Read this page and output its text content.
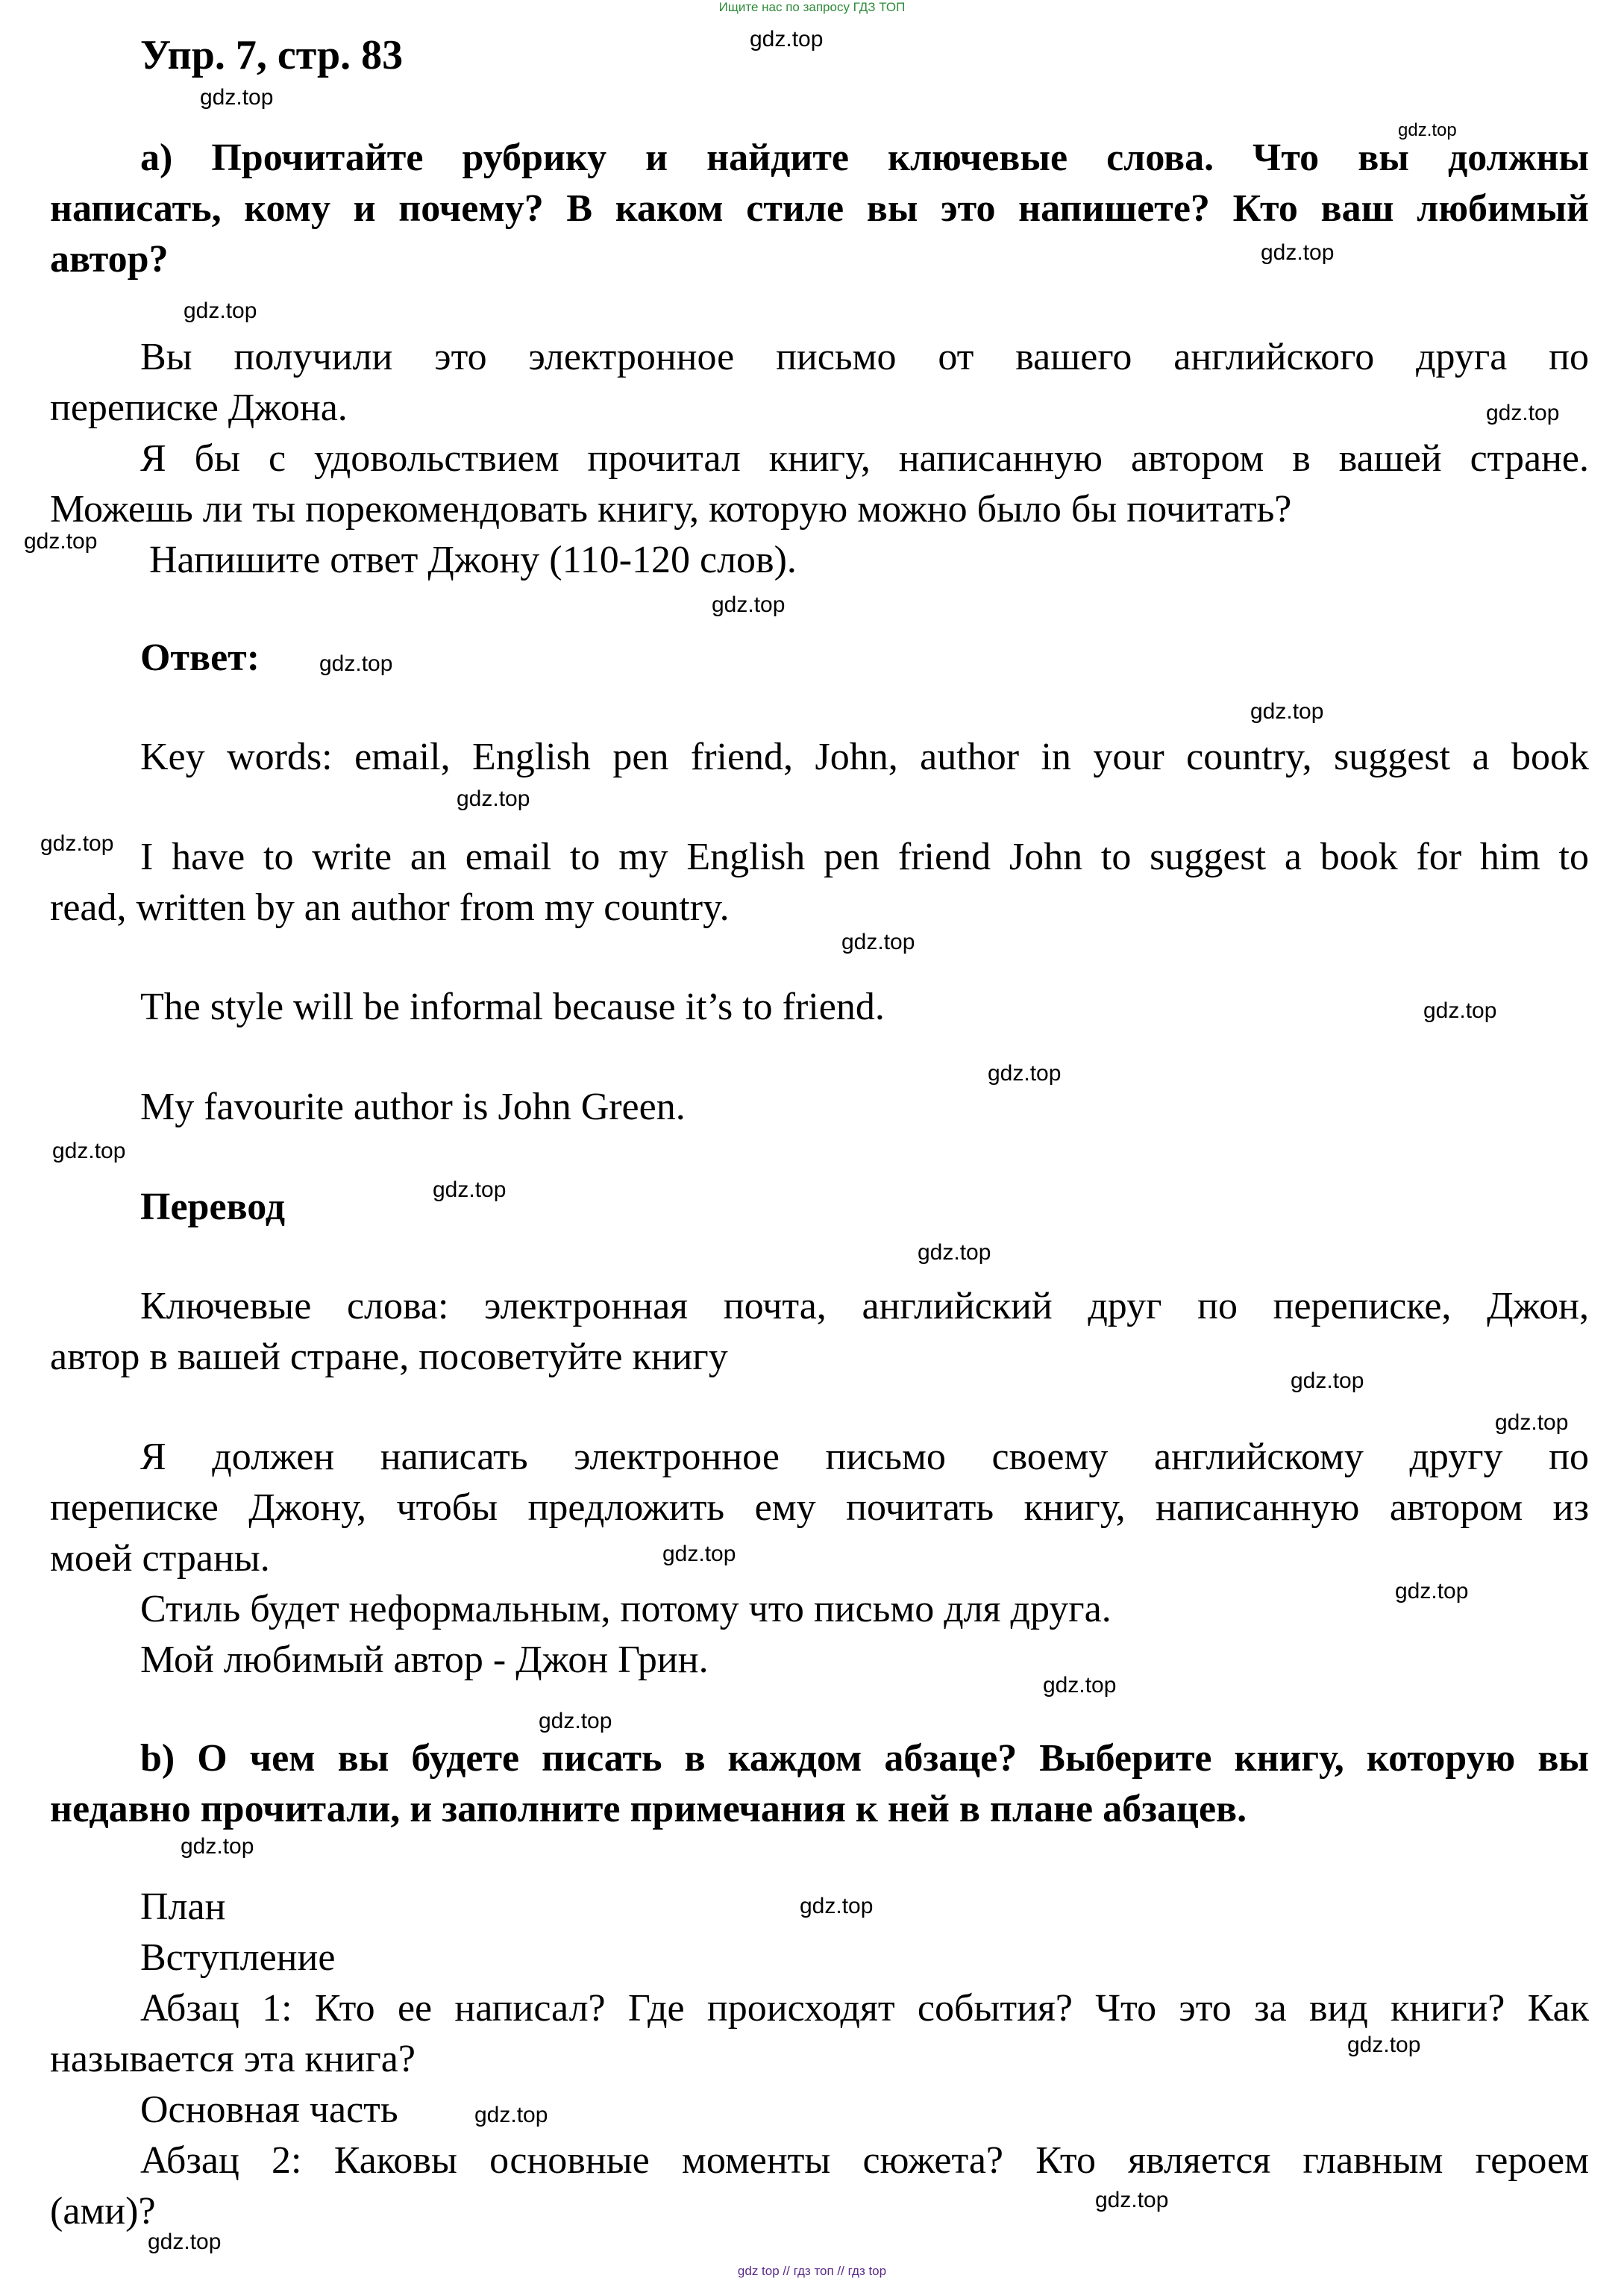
Ищите нас по запросу ГДЗ ТОП
Упр. 7, стр. 83
а) Прочитайте рубрику и найдите ключевые слова. Что вы должны
написать, кому и почему? В каком стиле вы это напишете? Кто ваш любимый
автор?
Вы получили это электронное письмо от вашего английского друга по
переписке Джона.
Я бы с удовольствием прочитал книгу, написанную автором в вашей стране.
Можешь ли ты порекомендовать книгу, которую можно было бы почитать?
Напишите ответ Джону (110-120 слов).
Ответ:
Key words: email, English pen friend, John, author in your country, suggest a book
I have to write an email to my English pen friend John to suggest a book for him to
read, written by an author from my country.
The style will be informal because it’s to friend.
My favourite author is John Green.
Перевод
Ключевые слова: электронная почта, английский друг по переписке, Джон,
автор в вашей стране, посоветуйте книгу
Я должен написать электронное письмо своему английскому другу по
переписке Джону, чтобы предложить ему почитать книгу, написанную автором из
моей страны.
Стиль будет неформальным, потому что письмо для друга.
Мой любимый автор - Джон Грин.
b) О чем вы будете писать в каждом абзаце? Выберите книгу, которую вы
недавно прочитали, и заполните примечания к ней в плане абзацев.
План
Вступление
Абзац 1: Кто ее написал? Где происходят события? Что это за вид книги? Как
называется эта книга?
Основная часть
Абзац 2: Каковы основные моменты сюжета? Кто является главным героем
(ами)?
gdz.top
gdz.top
gdz.top
gdz.top
gdz.top
gdz.top
gdz.top
gdz.top
gdz.top
gdz.top
gdz.top
gdz.top
gdz.top
gdz.top
gdz.top
gdz.top
gdz.top
gdz.top
gdz.top
gdz.top
gdz.top
gdz.top
gdz.top
gdz.top
gdz.top
gdz.top
gdz.top
gdz.top
gdz.top
gdz.top
gdz top // гдз топ // гдз top
